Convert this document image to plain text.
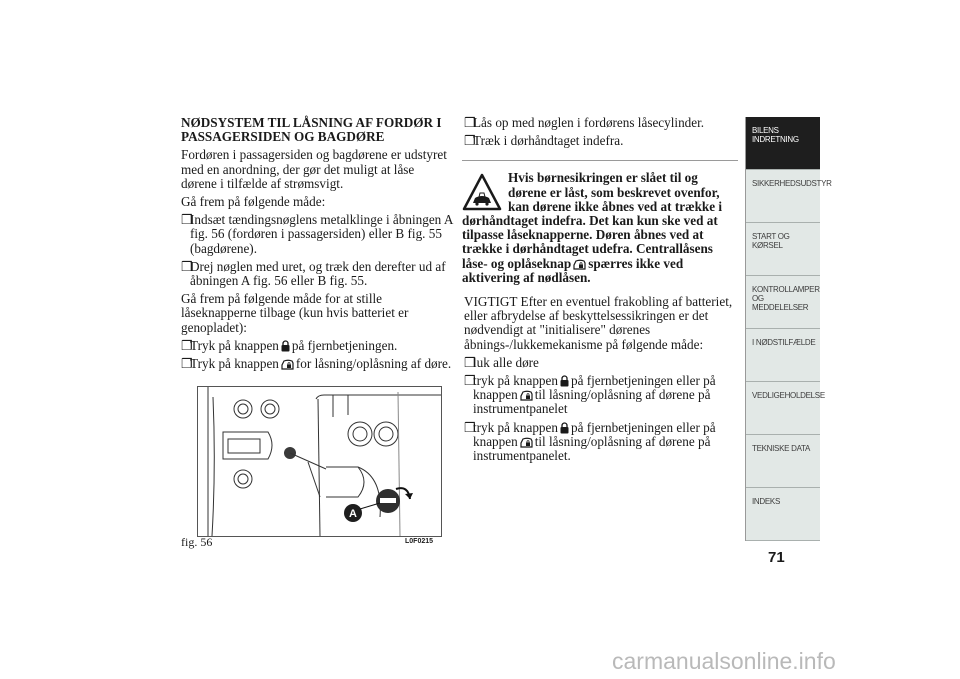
NØDSYSTEM TIL LÅSNING AF FORDØR I PASSAGERSIDEN OG BAGDØRE
Fordøren i passagersiden og bagdørene er udstyret med en anordning, der gør det muligt at låse dørene i tilfælde af strømsvigt.
Gå frem på følgende måde:
❒Indsæt tændingsnøglens metalklinge i åbningen A fig. 56 (fordøren i passagersiden) eller B fig. 55 (bagdørene).
❒Drej nøglen med uret, og træk den derefter ud af åbningen A fig. 56 eller B fig. 55.
Gå frem på følgende måde for at stille låseknapperne tilbage (kun hvis batteriet er genopladet):
❒Tryk på knappen på fjernbetjeningen.
❒Tryk på knappen for låsning/oplåsning af døre.
A
fig. 56	L0F0215
❒Lås op med nøglen i fordørens låsecylinder.
❒Træk i dørhåndtaget indefra.
Hvis børnesikringen er slået til og dørene er låst, som beskrevet ovenfor, kan dørene ikke åbnes ved at trække i dørhåndtaget indefra. Det kan kun ske ved at tilpasse låseknapperne. Døren åbnes ved at trække i dørhåndtaget udefra. Centrallåsens låse- og oplåseknap spærres ikke ved aktivering af nødlåsen.
VIGTIGT Efter en eventuel frakobling af batteriet, eller afbrydelse af beskyttelsessikringen er det nødvendigt at "initialisere" dørenes åbnings-/lukkemekanisme på følgende måde:
❒luk alle døre
❒tryk på knappen på fjernbetjeningen eller på knappen til låsning/oplåsning af dørene på instrumentpanelet
❒tryk på knappen på fjernbetjeningen eller på knappen til låsning/oplåsning af dørene på instrumentpanelet.
BILENS INDRETNING
SIKKERHEDSUDSTYR
START OG KØRSEL
KONTROLLAMPER OG MEDDELELSER
I NØDSTILFÆLDE
VEDLIGEHOLDELSE
TEKNISKE DATA
INDEKS
71
carmanualsonline.info
